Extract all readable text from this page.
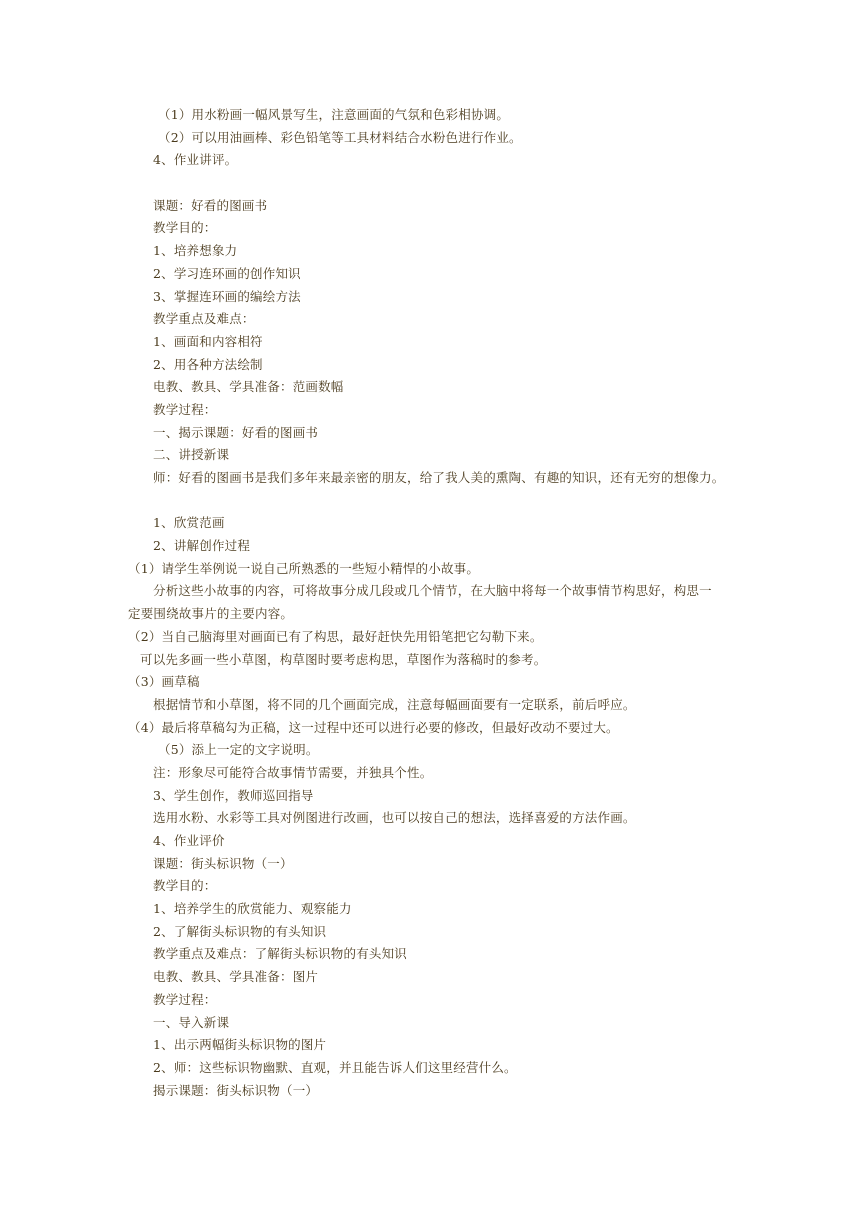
（1）用水粉画一幅风景写生，注意画面的气氛和色彩相协调。
（2）可以用油画棒、彩色铅笔等工具材料结合水粉色进行作业。
4、作业讲评。
课题：好看的图画书
教学目的：
1、培养想象力
2、学习连环画的创作知识
3、掌握连环画的编绘方法
教学重点及难点：
1、画面和内容相符
2、用各种方法绘制
电教、教具、学具准备：范画数幅
教学过程：
一、揭示课题：好看的图画书
二、讲授新课
师：好看的图画书是我们多年来最亲密的朋友，给了我人美的熏陶、有趣的知识，还有无穷的想像力。
1、欣赏范画
2、讲解创作过程
（1）请学生举例说一说自己所熟悉的一些短小精悍的小故事。
分析这些小故事的内容，可将故事分成几段或几个情节，在大脑中将每一个故事情节构思好，构思一
定要围绕故事片的主要内容。
（2）当自己脑海里对画面已有了构思，最好赶快先用铅笔把它勾勒下来。
可以先多画一些小草图，构草图时要考虑构思，草图作为落稿时的参考。
（3）画草稿
根据情节和小草图，将不同的几个画面完成，注意每幅画面要有一定联系，前后呼应。
（4）最后将草稿勾为正稿，这一过程中还可以进行必要的修改，但最好改动不要过大。
（5）添上一定的文字说明。
注：形象尽可能符合故事情节需要，并独具个性。
3、学生创作，教师巡回指导
选用水粉、水彩等工具对例图进行改画，也可以按自己的想法，选择喜爱的方法作画。
4、作业评价
课题：街头标识物（一）
教学目的：
1、培养学生的欣赏能力、观察能力
2、了解街头标识物的有头知识
教学重点及难点：了解街头标识物的有头知识
电教、教具、学具准备：图片
教学过程：
一、导入新课
1、出示两幅街头标识物的图片
2、师：这些标识物幽默、直观，并且能告诉人们这里经营什么。
揭示课题：街头标识物（一）
